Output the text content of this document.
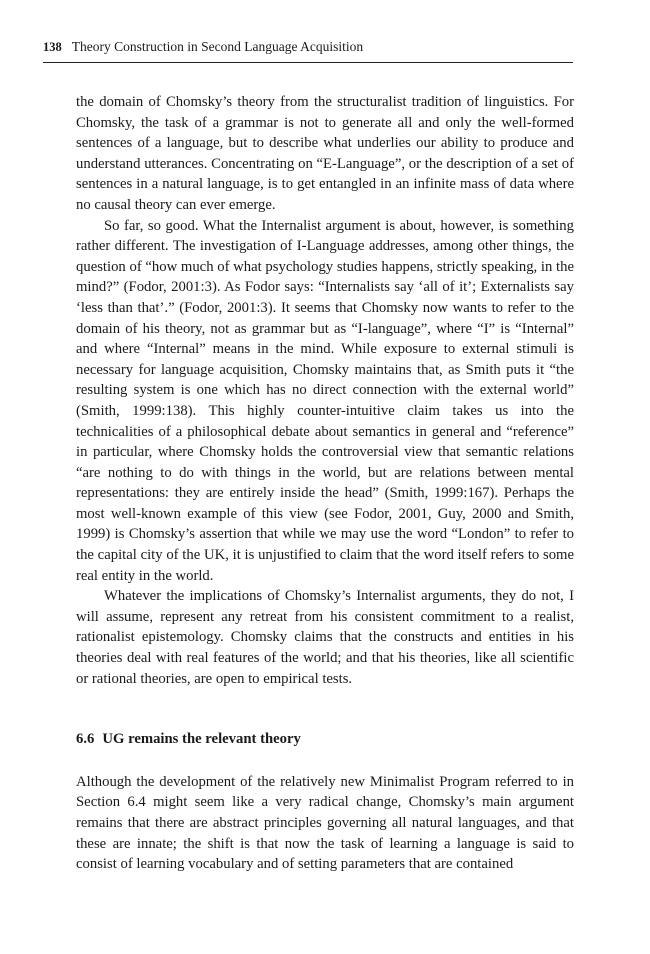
138 Theory Construction in Second Language Acquisition

the domain of Chomsky’s theory from the structuralist tradition of linguistics. For Chomsky, the task of a grammar is not to generate all and only the well-formed sentences of a language, but to describe what underlies our ability to produce and understand utterances. Concentrating on “E-Language”, or the description of a set of sentences in a natural language, is to get entangled in an infinite mass of data where no causal theory can ever emerge.

So far, so good. What the Internalist argument is about, however, is something rather different. The investigation of I-Language addresses, among other things, the question of “how much of what psychology studies happens, strictly speaking, in the mind?” (Fodor, 2001:3). As Fodor says: “Internalists say ‘all of it’; Externalists say ‘less than that’.” (Fodor, 2001:3). It seems that Chomsky now wants to refer to the domain of his theory, not as grammar but as “I-language”, where “I” is “Internal” and where “Internal” means in the mind. While exposure to external stimuli is necessary for language acquisition, Chomsky maintains that, as Smith puts it “the resulting system is one which has no direct connection with the external world” (Smith, 1999:138). This highly counter-intuitive claim takes us into the technicalities of a philosophical debate about semantics in general and “reference” in particular, where Chomsky holds the controversial view that semantic relations “are nothing to do with things in the world, but are relations between mental representations: they are entirely inside the head” (Smith, 1999:167). Perhaps the most well-known example of this view (see Fodor, 2001, Guy, 2000 and Smith, 1999) is Chomsky’s assertion that while we may use the word “London” to refer to the capital city of the UK, it is unjustified to claim that the word itself refers to some real entity in the world.

Whatever the implications of Chomsky’s Internalist arguments, they do not, I will assume, represent any retreat from his consistent commitment to a realist, rationalist epistemology. Chomsky claims that the constructs and entities in his theories deal with real features of the world; and that his theories, like all scientific or rational theories, are open to empirical tests.

6.6 UG remains the relevant theory

Although the development of the relatively new Minimalist Program referred to in Section 6.4 might seem like a very radical change, Chomsky’s main argument remains that there are abstract principles governing all natural languages, and that these are innate; the shift is that now the task of learning a language is said to consist of learning vocabulary and of setting parameters that are contained
